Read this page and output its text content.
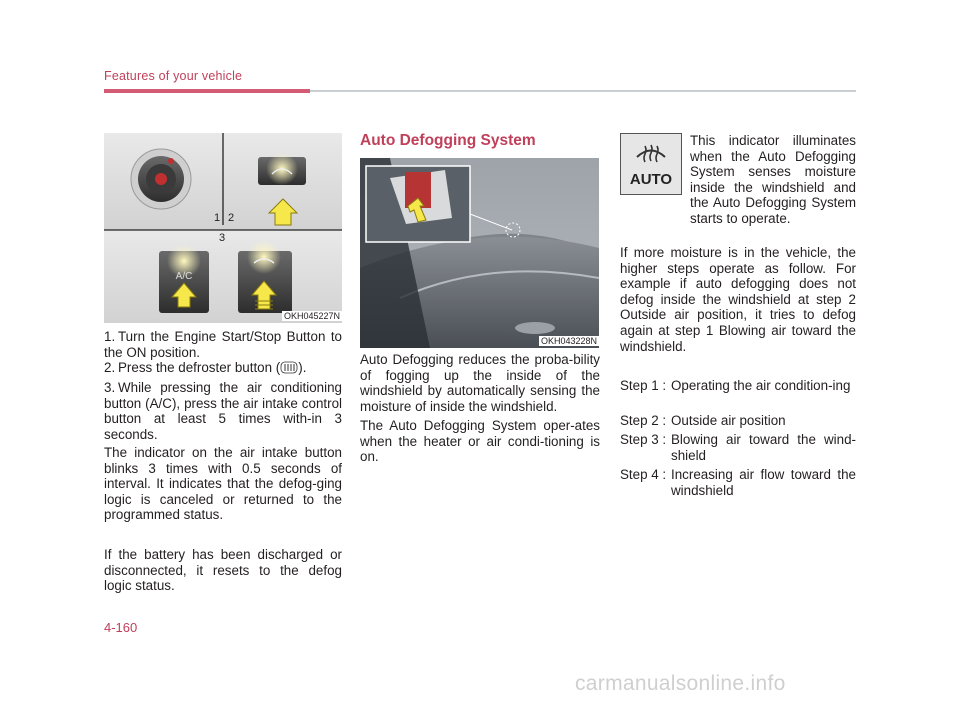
Features of your vehicle
A/C
1 2
3
OKH045227N
1. Turn the Engine Start/Stop Button to the ON position.
2. Press the defroster button ( ).
3. While pressing the air conditioning button (A/C), press the air intake control button at least 5 times with-in 3 seconds.
The indicator on the air intake button blinks 3 times with 0.5 seconds of interval. It indicates that the defog-ging logic is canceled or returned to the programmed status.
If the battery has been discharged or disconnected, it resets to the defog logic status.
Auto Defogging System
OKH043228N
Auto Defogging reduces the proba-bility of fogging up the inside of the windshield by automatically sensing the moisture of inside the windshield.
The Auto Defogging System oper-ates when the heater or air condi-tioning is on.
AUTO
This indicator illuminates when the Auto Defogging System senses moisture inside the windshield and the Auto Defogging System starts to operate.
If more moisture is in the vehicle, the higher steps operate as follow. For example if auto defogging does not defog inside the windshield at step 2 Outside air position, it tries to defog again at step 1 Blowing air toward the windshield.
Step 1 : Operating the air condition-ing
Step 2 : Outside air position
Step 3 : Blowing air toward the wind-shield
Step 4 : Increasing air flow toward the windshield
4-160
carmanualsonline.info
